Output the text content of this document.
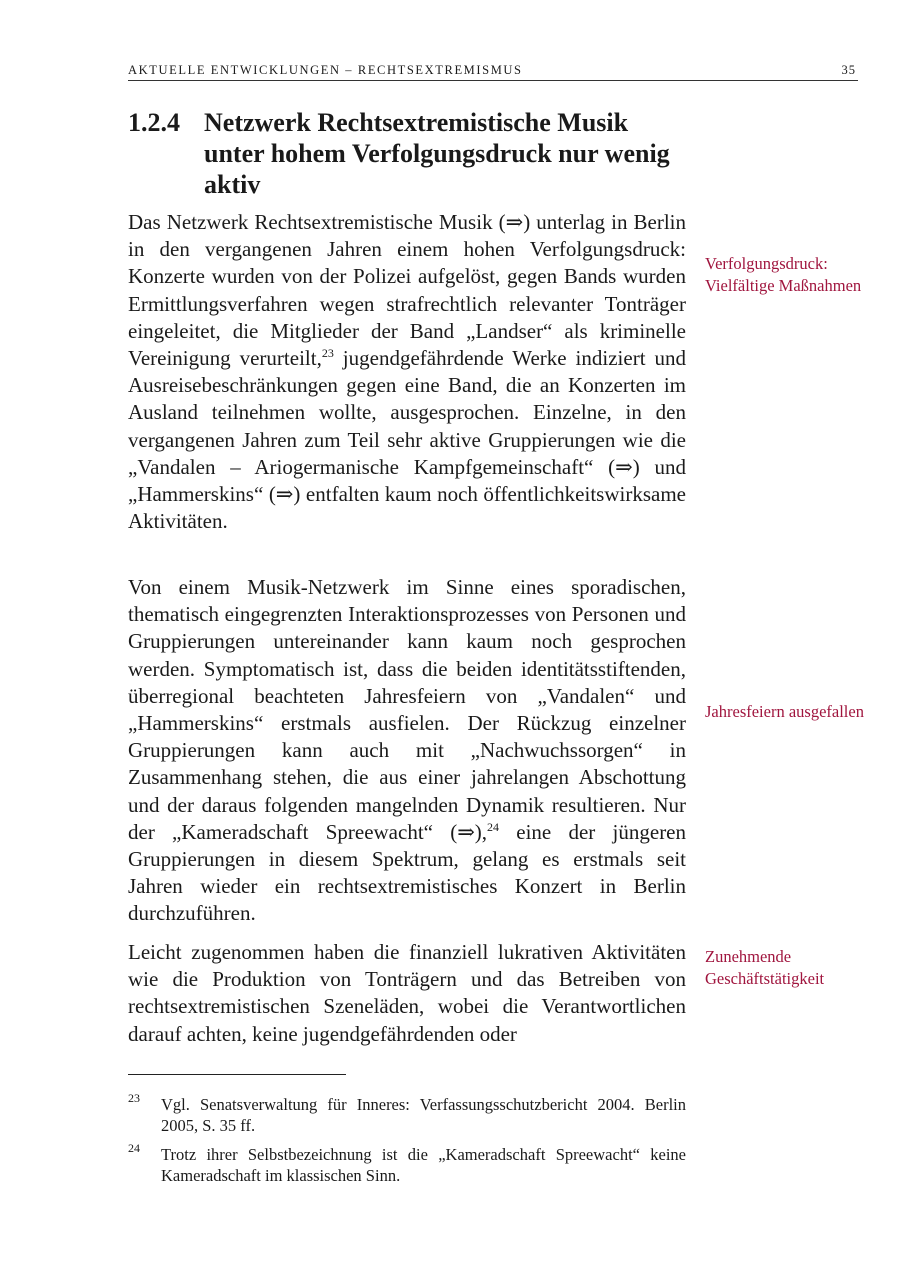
AKTUELLE ENTWICKLUNGEN – RECHTSEXTREMISMUS	35
1.2.4 Netzwerk Rechtsextremistische Musik unter hohem Verfolgungsdruck nur wenig aktiv
Das Netzwerk Rechtsextremistische Musik (⇒) unterlag in Berlin in den vergangenen Jahren einem hohen Verfolgungsdruck: Konzerte wurden von der Polizei aufgelöst, gegen Bands wurden Ermittlungsverfahren wegen strafrechtlich relevanter Tonträger eingeleitet, die Mitglieder der Band „Landser“ als kriminelle Vereinigung verurteilt,$^{23}$ jugendgefährdende Werke indiziert und Ausreisebeschränkungen gegen eine Band, die an Konzerten im Ausland teilnehmen wollte, ausgesprochen. Einzelne, in den vergangenen Jahren zum Teil sehr aktive Gruppierungen wie die „Vandalen – Ariogermanische Kampfgemeinschaft“ (⇒) und „Hammerskins“ (⇒) entfalten kaum noch öffentlichkeitswirksame Aktivitäten.
Von einem Musik-Netzwerk im Sinne eines sporadischen, thematisch eingegrenzten Interaktionsprozesses von Personen und Gruppierungen untereinander kann kaum noch gesprochen werden. Symptomatisch ist, dass die beiden identitätsstiftenden, überregional beachteten Jahresfeiern von „Vandalen“ und „Hammerskins“ erstmals ausfielen. Der Rückzug einzelner Gruppierungen kann auch mit „Nachwuchssorgen“ in Zusammenhang stehen, die aus einer jahrelangen Abschottung und der daraus folgenden mangelnden Dynamik resultieren. Nur der „Kameradschaft Spreewacht“ (⇒),$^{24}$ eine der jüngeren Gruppierungen in diesem Spektrum, gelang es erstmals seit Jahren wieder ein rechtsextremistisches Konzert in Berlin durchzuführen.
Leicht zugenommen haben die finanziell lukrativen Aktivitäten wie die Produktion von Tonträgern und das Betreiben von rechtsextremistischen Szeneläden, wobei die Verantwortlichen darauf achten, keine jugendgefährdenden oder
Verfolgungsdruck: Vielfältige Maßnahmen
Jahresfeiern ausgefallen
Zunehmende Geschäftstätigkeit
23 Vgl. Senatsverwaltung für Inneres: Verfassungsschutzbericht 2004. Berlin 2005, S. 35 ff.
24 Trotz ihrer Selbstbezeichnung ist die „Kameradschaft Spreewacht“ keine Kameradschaft im klassischen Sinn.
